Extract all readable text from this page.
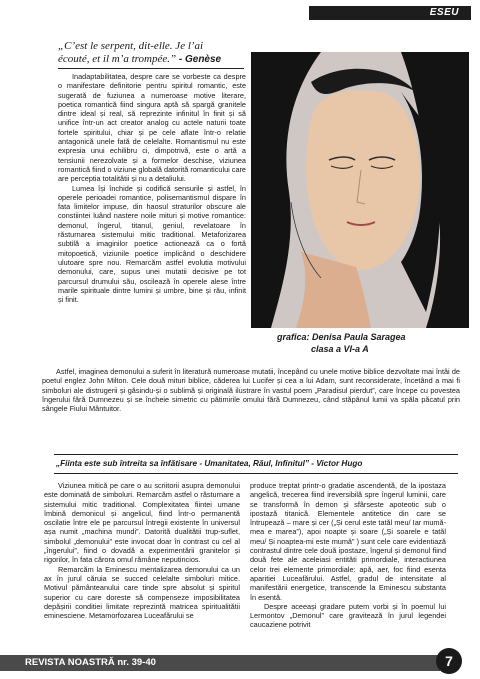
ESEU
„C’est le serpent, dit-elle. Je l’ai
écouté, et il m’a trompée.” - Genèse

Inadaptabilitatea, despre care se vorbeste ca despre o manifestare definitorie pentru spiritul romantic, este sugerată de fuziunea a numeroase motive literare, poetica romantică fiind singura aptă să spargă granitele dintre ideal și real, să reprezinte infinitul în finit și să unifice într-un act creator analog cu actele naturii toate fortele spiritului, chiar și pe cele aflate într-o relatie antagonică unele fată de celelalte. Romantismul nu este expresia unui echilibru ci, dimpotrivă, este o artă a tensiunii nerezolvate și a formelor deschise, viziunea romantică fiind o viziune globală datorită romanticului care are perceptia totalitătii și nu a detaliului.

Lumea își închide și codifică sensurile și astfel, în operele perioadei romantice, polisemantismul dispare în fata limitelor impuse, din haosul straturilor obscure ale constiintei luând nastere noile mituri și motive romantice: demonul, îngerul, titanul, geniul, revelatoare în răsturnarea sistemului mitic traditional. Metaforizarea subtilă a imaginilor poetice actionează ca o fortă mitopoetică, viziunile poetice implicând o deschidere ulutoare spre nou. Remarcăm astfel evolutia motivului demonului, care, supus unei mutatii decisive pe tot parcursul drumului său, oscilează în operele alese între marile spirituale dintre lumini și umbre, bine și rău, infinit și finit.

grafica: Denisa Paula Saragea
clasa a VI-a A

Astfel, imaginea demonului a suferit în literatură numeroase mutatii, începând cu unele motive biblice dezvoltate mai întâi de poetul englez John Milton. Cele două mituri biblice, căderea lui Lucifer și cea a lui Adam, sunt reconsiderate, încetând a mai fi simboluri ale distrugerii și găsindu-și o sublimă și originală ilustrare în vastul poem „Paradisul pierdut”, care începe cu povestea îngerului fără Dumnezeu și se încheie simetric cu pătimirile omului fără Dumnezeu, când stăpânul lumii va spăla păcatul prin sângele Fiului Mântuitor.

„Fiinta este sub întreita sa înfătisare - Umanitatea, Răul, Infinitul” - Victor Hugo

Viziunea mitică pe care o au scriitorii asupra demonului este dominată de simboluri. Remarcăm astfel o răsturnare a sistemului mitic traditional. Complexitatea fiintei umane îmbină demonicul și angelicul, fiind într-o permanentă oscilatie între ele pe parcursul întregii existente în universul așa numit „machina mundi”. Datorită dualitătii trup-suflet, simbolul „demonului” este invocat doar în contrast cu cel al „îngerului”, fiind o dovadă a experimentării granitelor și rigorilor, în fata cărora omul rămâne neputincios.

Remarcăm la Eminescu mentalizarea demonului ca un ax în jurul căruia se succed celelalte simboluri mitice. Motivul pământeanului care tinde spre absolut și spiritul superior cu care doreste să compenseze imposibilitatea depășirii conditiei limitate reprezintă matricea spiritualitătii eminesciene. Metamorfozarea Luceafărului se

produce treptat printr-o gradatie ascendentă, de la ipostaza angelică, trecerea fiind ireversibilă spre îngerul luminii, care se transformă în demon și sfârseste apoteotic sub o ipostază titanică. Elementele antitetice din care se întrupează – mare și cer („Și cerul este tatăl meu/ Iar mumă-mea e marea”), apoi noapte și soare („Și soarele e tatăl meu/ Și noaptea-mi este mumă” ) sunt cele care evidentiază contrastul dintre cele două ipostaze, îngerul și demonul fiind două fete ale aceleiasi entităti primordiale, interactiunea celor trei elemente primordiale: apă, aer, foc fiind esenta aparitiei Luceafărului. Astfel, gradul de intensitate al manifestării energetice, transcende la Eminescu substanta în esentă.

Despre aceeași gradare putem vorbi și în poemul lui Lermontov „Demonul” care gravitează în jurul legendei caucaziene potrivit

REVISTA NOASTRĂ nr. 39-40	7
